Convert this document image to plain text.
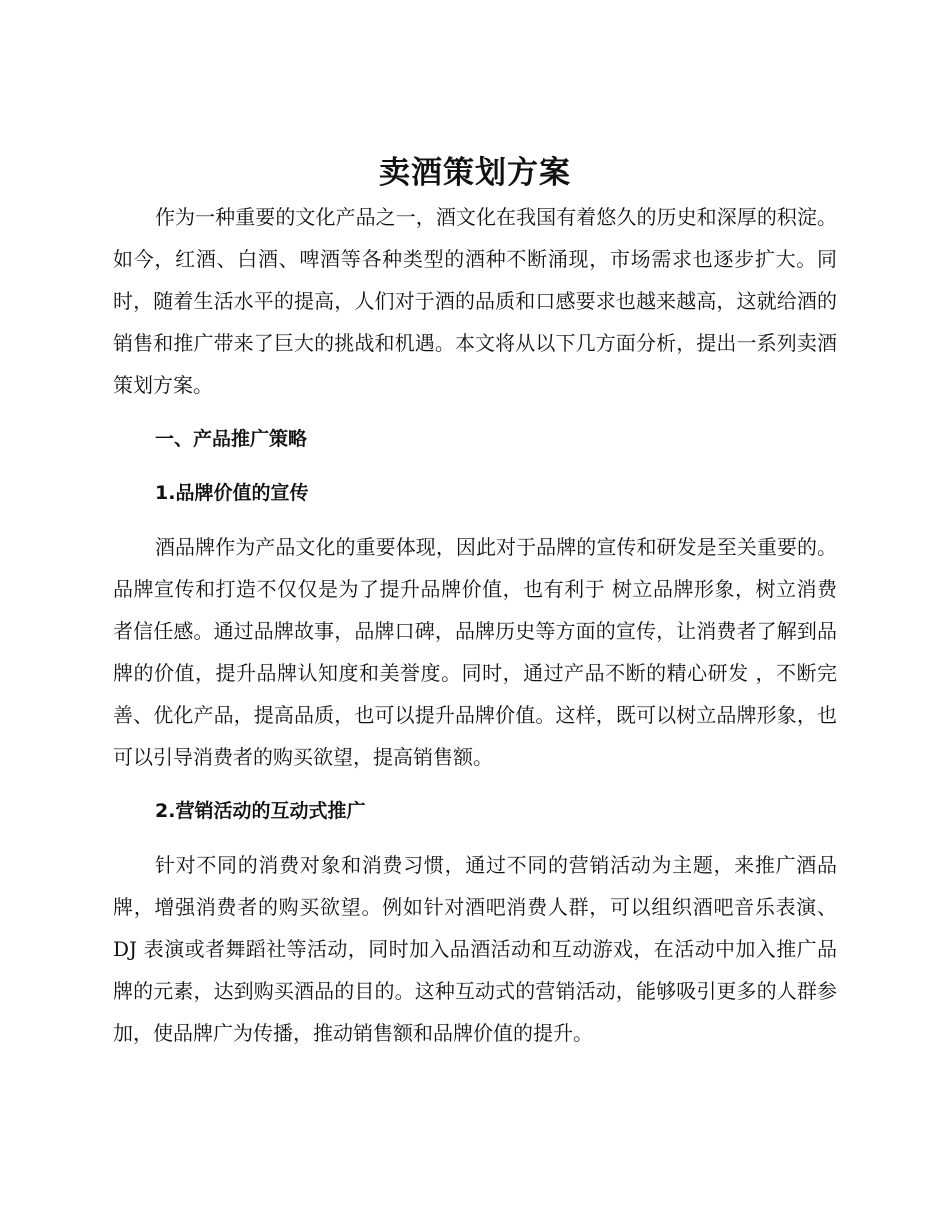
卖酒策划方案

作为一种重要的文化产品之一，酒文化在我国有着悠久的历史和深厚的积淀。如今，红酒、白酒、啤酒等各种类型的酒种不断涌现，市场需求也逐步扩大。同时，随着生活水平的提高，人们对于酒的品质和口感要求也越来越高，这就给酒的销售和推广带来了巨大的挑战和机遇。本文将从以下几方面分析，提出一系列卖酒策划方案。

一、产品推广策略
1.品牌价值的宣传

酒品牌作为产品文化的重要体现，因此对于品牌的宣传和研发是至关重要的。品牌宣传和打造不仅仅是为了提升品牌价值，也有利于 树立品牌形象，树立消费者信任感。通过品牌故事，品牌口碑，品牌历史等方面的宣传，让消费者了解到品牌的价值，提升品牌认知度和美誉度。同时，通过产品不断的精心研发 ，不断完善、优化产品，提高品质，也可以提升品牌价值。这样，既可以树立品牌形象，也可以引导消费者的购买欲望，提高销售额。

2.营销活动的互动式推广

针对不同的消费对象和消费习惯，通过不同的营销活动为主题，来推广酒品牌，增强消费者的购买欲望。例如针对酒吧消费人群，可以组织酒吧音乐表演、DJ 表演或者舞蹈社等活动，同时加入品酒活动和互动游戏，在活动中加入推广品牌的元素，达到购买酒品的目的。这种互动式的营销活动，能够吸引更多的人群参加，使品牌广为传播，推动销售额和品牌价值的提升。
